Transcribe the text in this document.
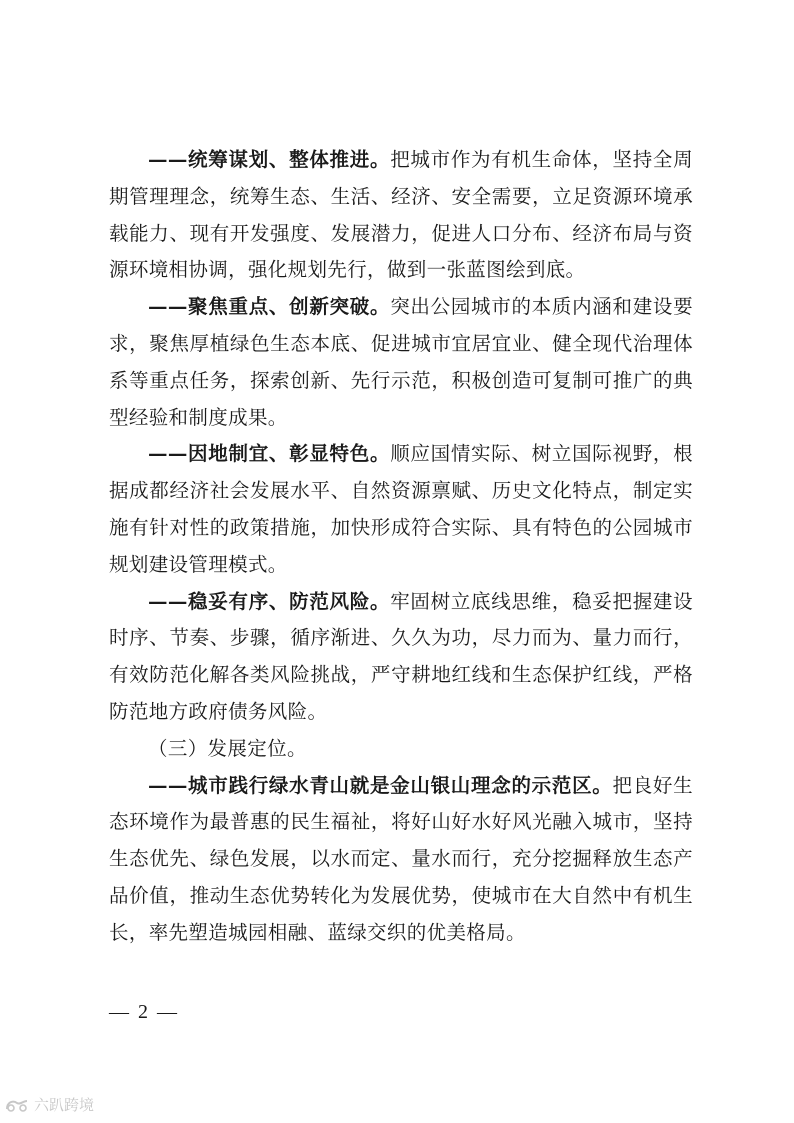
——统筹谋划、整体推进。把城市作为有机生命体，坚持全周期管理理念，统筹生态、生活、经济、安全需要，立足资源环境承载能力、现有开发强度、发展潜力，促进人口分布、经济布局与资源环境相协调，强化规划先行，做到一张蓝图绘到底。

——聚焦重点、创新突破。突出公园城市的本质内涵和建设要求，聚焦厚植绿色生态本底、促进城市宜居宜业、健全现代治理体系等重点任务，探索创新、先行示范，积极创造可复制可推广的典型经验和制度成果。

——因地制宜、彰显特色。顺应国情实际、树立国际视野，根据成都经济社会发展水平、自然资源禀赋、历史文化特点，制定实施有针对性的政策措施，加快形成符合实际、具有特色的公园城市规划建设管理模式。

——稳妥有序、防范风险。牢固树立底线思维，稳妥把握建设时序、节奏、步骤，循序渐进、久久为功，尽力而为、量力而行，有效防范化解各类风险挑战，严守耕地红线和生态保护红线，严格防范地方政府债务风险。

（三）发展定位。

——城市践行绿水青山就是金山银山理念的示范区。把良好生态环境作为最普惠的民生福祉，将好山好水好风光融入城市，坚持生态优先、绿色发展，以水而定、量水而行，充分挖掘释放生态产品价值，推动生态优势转化为发展优势，使城市在大自然中有机生长，率先塑造城园相融、蓝绿交织的优美格局。

— 2 —
六趴跨境
